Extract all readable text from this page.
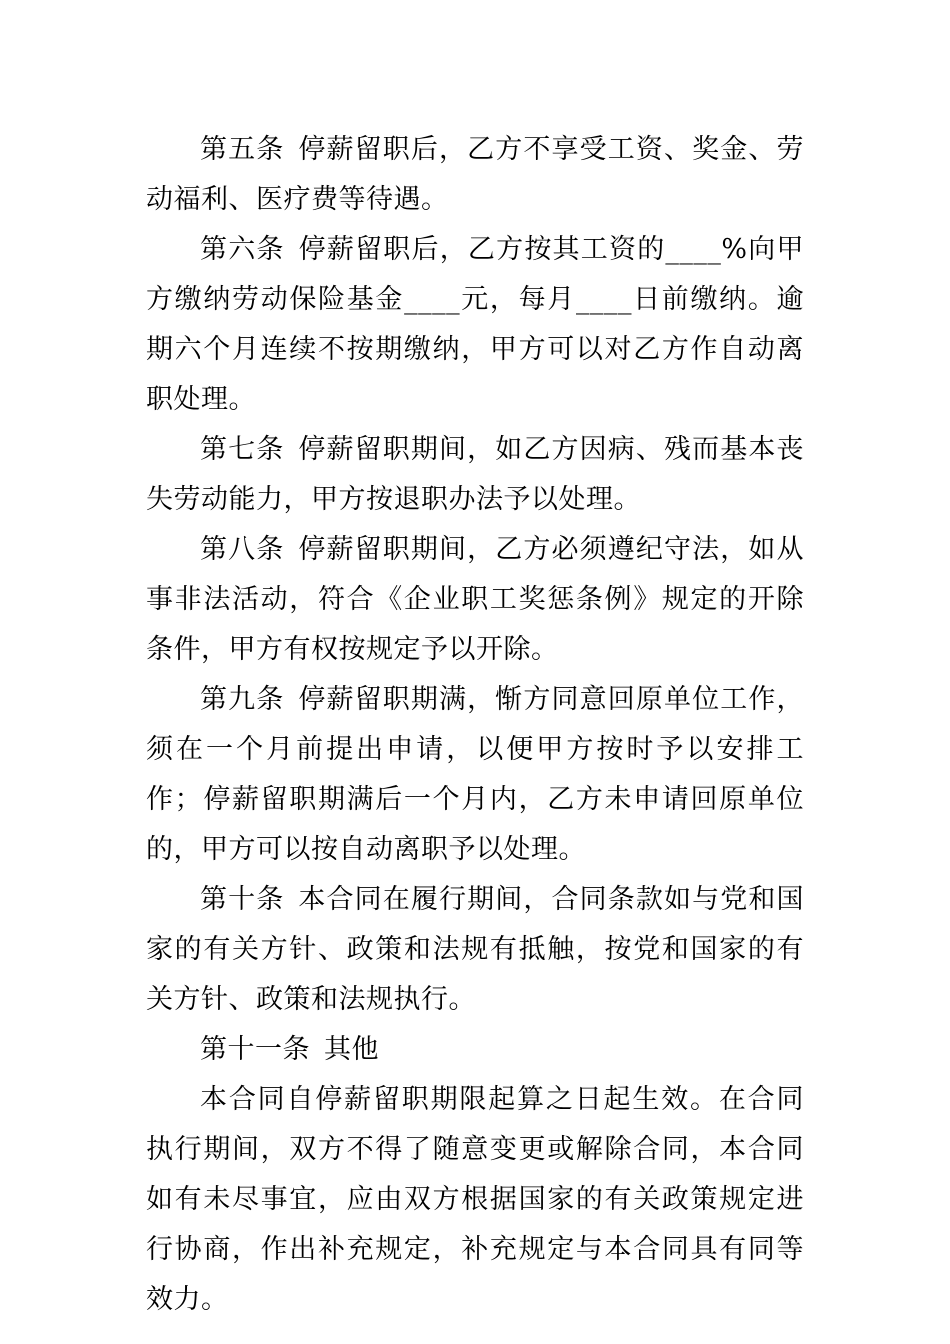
第五条 停薪留职后，乙方不享受工资、奖金、劳动福利、医疗费等待遇。

第六条 停薪留职后，乙方按其工资的____%向甲方缴纳劳动保险基金____元，每月____日前缴纳。逾期六个月连续不按期缴纳，甲方可以对乙方作自动离职处理。

第七条 停薪留职期间，如乙方因病、残而基本丧失劳动能力，甲方按退职办法予以处理。

第八条 停薪留职期间，乙方必须遵纪守法，如从事非法活动，符合《企业职工奖惩条例》规定的开除条件，甲方有权按规定予以开除。

第九条 停薪留职期满，惭方同意回原单位工作，须在一个月前提出申请，以便甲方按时予以安排工作；停薪留职期满后一个月内，乙方未申请回原单位的，甲方可以按自动离职予以处理。

第十条 本合同在履行期间，合同条款如与党和国家的有关方针、政策和法规有抵触，按党和国家的有关方针、政策和法规执行。

第十一条 其他

本合同自停薪留职期限起算之日起生效。在合同执行期间，双方不得了随意变更或解除合同，本合同如有未尽事宜，应由双方根据国家的有关政策规定进行协商，作出补充规定，补充规定与本合同具有同等效力。
